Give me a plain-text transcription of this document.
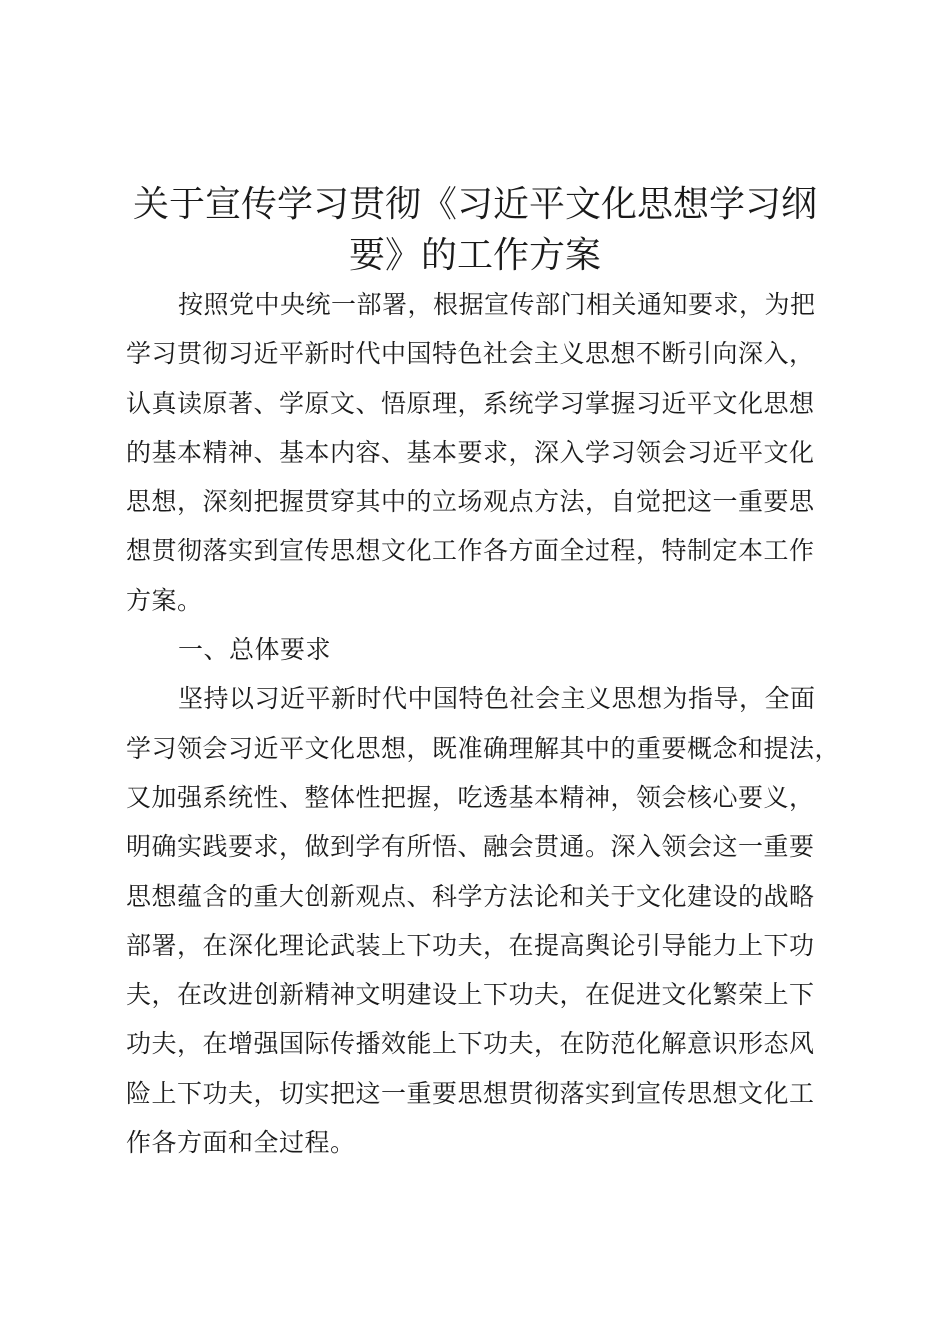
关于宣传学习贯彻《习近平文化思想学习纲
要》的工作方案
按照党中央统一部署，根据宣传部门相关通知要求，为把
学习贯彻习近平新时代中国特色社会主义思想不断引向深入，
认真读原著、学原文、悟原理，系统学习掌握习近平文化思想
的基本精神、基本内容、基本要求，深入学习领会习近平文化
思想，深刻把握贯穿其中的立场观点方法，自觉把这一重要思
想贯彻落实到宣传思想文化工作各方面全过程，特制定本工作
方案。
一、总体要求
坚持以习近平新时代中国特色社会主义思想为指导，全面
学习领会习近平文化思想，既准确理解其中的重要概念和提法，
又加强系统性、整体性把握，吃透基本精神，领会核心要义，
明确实践要求，做到学有所悟、融会贯通。深入领会这一重要
思想蕴含的重大创新观点、科学方法论和关于文化建设的战略
部署，在深化理论武装上下功夫，在提高舆论引导能力上下功
夫，在改进创新精神文明建设上下功夫，在促进文化繁荣上下
功夫，在增强国际传播效能上下功夫，在防范化解意识形态风
险上下功夫，切实把这一重要思想贯彻落实到宣传思想文化工
作各方面和全过程。
